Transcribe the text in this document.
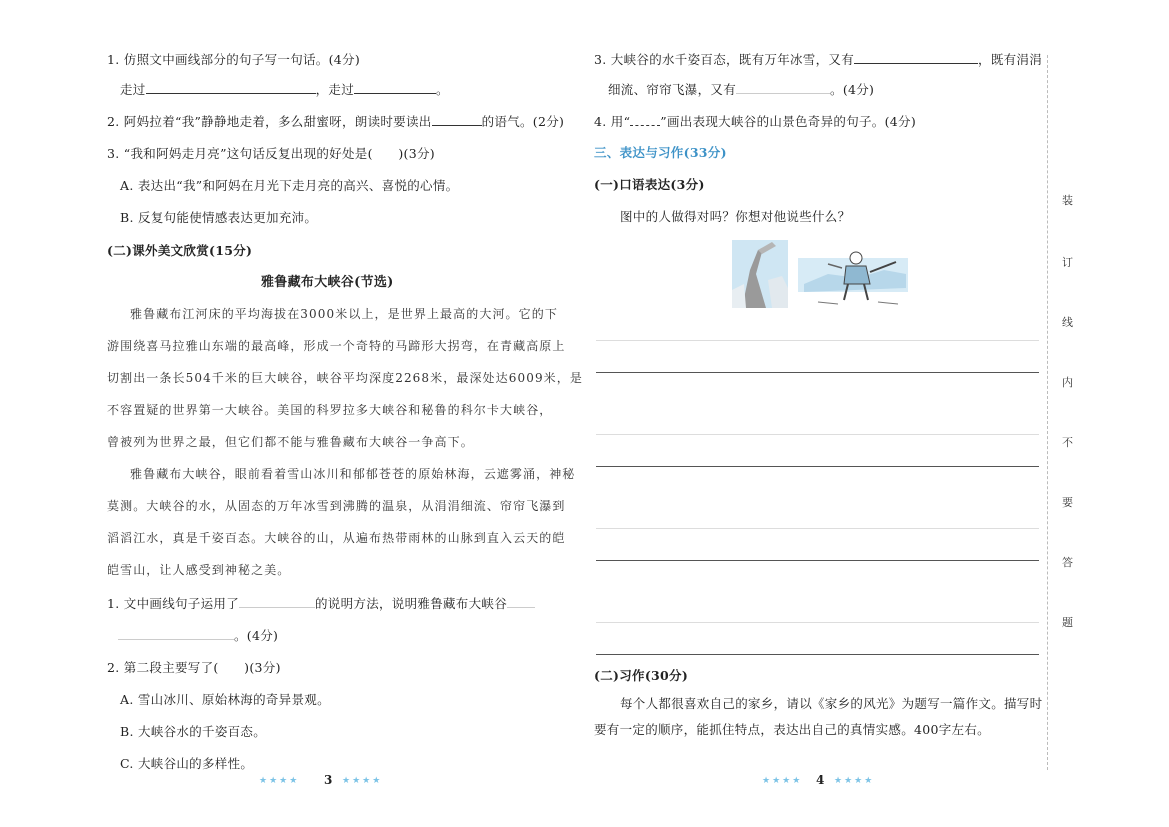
1. 仿照文中画线部分的句子写一句话。(4分)
走过	，走过	。
2. 阿妈拉着“我”静静地走着，多么甜蜜呀，朗读时要读出	的语气。(2分)
3. “我和阿妈走月亮”这句话反复出现的好处是(　　)(3分)
A. 表达出“我”和阿妈在月光下走月亮的高兴、喜悦的心情。
B. 反复句能使情感表达更加充沛。
(二)课外美文欣赏(15分)
雅鲁藏布大峡谷(节选)
雅鲁藏布江河床的平均海拔在3000米以上，是世界上最高的大河。它的下
游围绕喜马拉雅山东端的最高峰，形成一个奇特的马蹄形大拐弯，在青藏高原上
切割出一条长504千米的巨大峡谷，峡谷平均深度2268米，最深处达6009米，是
不容置疑的世界第一大峡谷。美国的科罗拉多大峡谷和秘鲁的科尔卡大峡谷，
曾被列为世界之最，但它们都不能与雅鲁藏布大峡谷一争高下。
雅鲁藏布大峡谷，眼前看着雪山冰川和郁郁苍苍的原始林海，云遮雾涌，神秘
莫测。大峡谷的水，从固态的万年冰雪到沸腾的温泉，从涓涓细流、帘帘飞瀑到
滔滔江水，真是千姿百态。大峡谷的山，从遍布热带雨林的山脉到直入云天的皑
皑雪山，让人感受到神秘之美。
1. 文中画线句子运用了	的说明方法，说明雅鲁藏布大峡谷
。(4分)
2. 第二段主要写了(　　)(3分)
A. 雪山冰川、原始林海的奇异景观。
B. 大峡谷水的千姿百态。
C. 大峡谷山的多样性。
★★★★ 3 ★★★★
3. 大峡谷的水千姿百态，既有万年冰雪，又有	，既有涓涓
细流、帘帘飞瀑，又有	。(4分)
4. 用“ ”画出表现大峡谷的山景色奇异的句子。(4分)
三、表达与习作(33分)
(一)口语表达(3分)
图中的人做得对吗？你想对他说些什么？
(二)习作(30分)
每个人都很喜欢自己的家乡，请以《家乡的风光》为题写一篇作文。描写时
要有一定的顺序，能抓住特点，表达出自己的真情实感。400字左右。
★★★★ 4 ★★★★
装
订
线
内
不
要
答
题
